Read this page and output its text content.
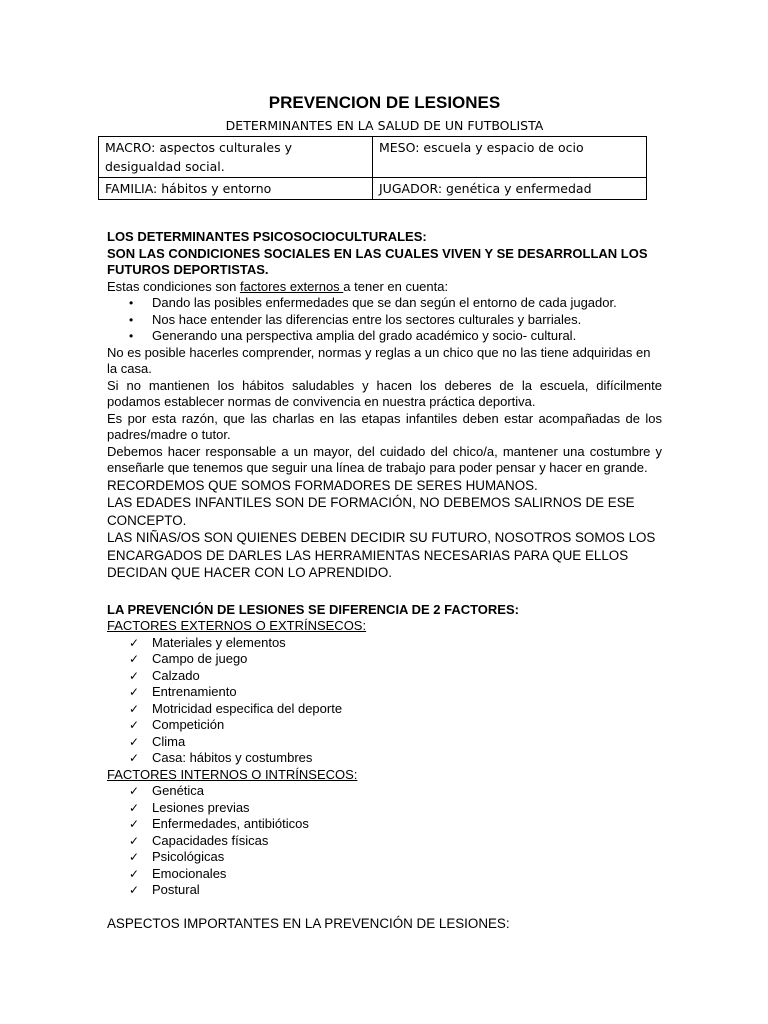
PREVENCION DE LESIONES
DETERMINANTES EN LA SALUD DE UN FUTBOLISTA
MACRO: aspectos culturales y desigualdad social.	MESO: escuela y espacio de ocio
FAMILIA: hábitos y entorno	JUGADOR: genética y enfermedad

LOS DETERMINANTES PSICOSOCIOCULTURALES:

SON LAS CONDICIONES SOCIALES EN LAS CUALES VIVEN Y SE DESARROLLAN LOS FUTUROS DEPORTISTAS.

Estas condiciones son factores externos a tener en cuenta:

• Dando las posibles enfermedades que se dan según el entorno de cada jugador.
• Nos hace entender las diferencias entre los sectores culturales y barriales.
• Generando una perspectiva amplia del grado académico y socio- cultural.

No es posible hacerles comprender, normas y reglas a un chico que no las tiene adquiridas en la casa.

Si no mantienen los hábitos saludables y hacen los deberes de la escuela, difícilmente podamos establecer normas de convivencia en nuestra práctica deportiva.

Es por esta razón, que las charlas en las etapas infantiles deben estar acompañadas de los padres/madre o tutor.

Debemos hacer responsable a un mayor, del cuidado del chico/a, mantener una costumbre y enseñarle que tenemos que seguir una línea de trabajo para poder pensar y hacer en grande.

RECORDEMOS QUE SOMOS FORMADORES DE SERES HUMANOS.

LAS EDADES INFANTILES SON DE FORMACIÓN, NO DEBEMOS SALIRNOS DE ESE CONCEPTO.

LAS NIÑAS/OS SON QUIENES DEBEN DECIDIR SU FUTURO, NOSOTROS SOMOS LOS ENCARGADOS DE DARLES LAS HERRAMIENTAS NECESARIAS PARA QUE ELLOS DECIDAN QUE HACER CON LO APRENDIDO.

LA PREVENCIÓN DE LESIONES SE DIFERENCIA DE 2 FACTORES:

FACTORES EXTERNOS O EXTRÍNSECOS:

✓ Materiales y elementos
✓ Campo de juego
✓ Calzado
✓ Entrenamiento
✓ Motricidad especifica del deporte
✓ Competición
✓ Clima
✓ Casa: hábitos y costumbres

FACTORES INTERNOS O INTRÍNSECOS:

✓ Genética
✓ Lesiones previas
✓ Enfermedades, antibióticos
✓ Capacidades físicas
✓ Psicológicas
✓ Emocionales
✓ Postural

ASPECTOS IMPORTANTES EN LA PREVENCIÓN DE LESIONES:
